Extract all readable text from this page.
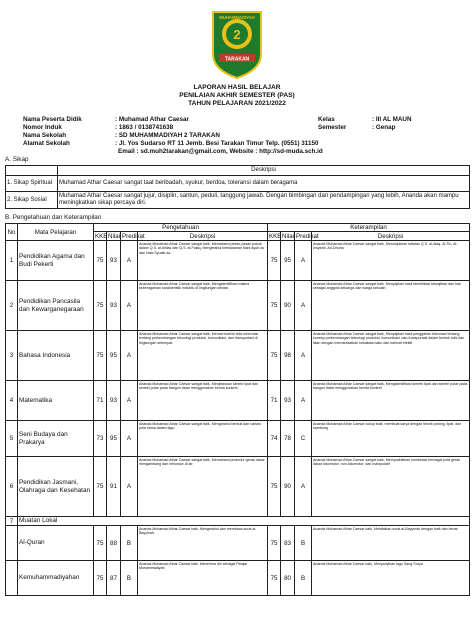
MUHAMMADIYAH
2
TARAKAN
LAPORAN HASIL BELAJAR
PENILAIAN AKHIR SEMESTER (PAS)
TAHUN PELAJARAN 2021/2022
Nama Peserta Didik	: Muhamad Athar Caesar
Nomor Induk	: 1863 / 0138741638
Nama Sekolah	: SD MUHAMMADIYAH 2 TARAKAN
Alamat Sekolah	: Jl. Yos Sudarso RT 11 Jemb. Besi Tarakan Timur Telp. (0551) 31150
Email : sd.muh2tarakan@gmail.com, Website : http://sd-muda.sch.id
Kelas	: III AL MAUN
Semester	: Genap
A. Sikap
	Deskripsi
1. Sikap Spiritual	Muhamad Athar Caesar sangat taat beribadah, syukur, berdoa, toleransi dalam beragama
2. Sikap Sosial	Muhamad Athar Caesar sangat jujur, disiplin, santun, peduli, tanggung jawab. Dengan bimbingan dan pendampingan yang lebih, Ananda akan mampu meningkatkan sikap percaya diri.
B. Pengetahuan dan Keterampilan
No	Mata Pelajaran	Pengetahuan				Keterampilan			
		KKB	Nilai	Predikat	Deskripsi	KKB	Nilai	Predikat	Deskripsi
1	Pendidikan Agama dan Budi Pekerti	75	93	A	Ananda Muhamad Athar Caesar sangat baik, Memahami pesan-pesan pokok dalam Q.S. al-Ikhlas dan Q.S. al-Falaq, Mengetahui keteladanan Nabi Ayub as dan Nabi Syuaib as.	75	95	A	Ananda Muhamad Athar Caesar sangat baik, Menunjukkan hafalan Q.S. al-Alaq, Al-Tin, Al-Insyirah, Ad-Dhuha
2	Pendidikan Pancasila dan Kewarganegaraan	75	93	A	Ananda Muhamad Athar Caesar sangat baik, Mengidentifikasi makna keberagaman karakteristik individu di lingkungan sekitar.	75	90	A	Ananda Muhamad Athar Caesar sangat baik, Menyajikan hasil identifikasi kewajiban dan hak sebagai anggota keluarga dan warga sekolah
3	Bahasa Indonesia	75	95	A	Ananda Muhamad Athar Caesar sangat baik, Mencermati isi teks informasi tentang perkembangan teknologi produksi, komunikasi, dan transportasi di lingkungan setempat.	75	98	A	Ananda Muhamad Athar Caesar sangat baik, Menyajikan hasil penggalian informasi tentang konsep perkembangan teknologi produksi, komunikasi, dan transportasi dalam bentuk tulis dan lisan dengan memanfaatkan kosakata baku dan kalimat efektif
4	Matematika	71	93	A	Ananda Muhamad Athar Caesar sangat baik, Menjelaskan simetri lipat dan simetri putar pada bangun datar menggunakan benda konkret.	71	93	A	Ananda Muhamad Athar Caesar sangat baik, Mengidentifikasi simetri lipat dan simetri putar pada bangun datar menggunakan benda konkret
5	Seni Budaya dan Prakarya	73	95	A	Ananda Muhamad Athar Caesar sangat baik, Mengetahui bentuk dan variasi pola irama dalam lagu.	74	78	C	Ananda Muhamad Athar Caesar cukup baik, membuat karya dengan teknik potong, lipat, dan sambung
6	Pendidikan Jasmani, Olahraga dan Kesehatan	75	91	A	Ananda Muhamad Athar Caesar sangat baik, Memahami prosedur gerak dasar mengambang dan meluncur di air.	75	90	A	Ananda Muhamad Athar Caesar sangat baik, Mempraktikkan kombinasi berbagai pola gerak dasar lokomotor, non-lokomotor, dan manipulatif
7	Muatan Lokal								
	Al-Quran	75	88	B	Ananda Muhamad Athar Caesar baik, Mengetahui dan membaca surat al-Bayyinah.	75	83	B	Ananda Muhamad Athar Caesar baik, Melafalkan surat al-Bayyinah dengan baik dan benar
	Kemuhammadiyahan	75	87	B	Ananda Muhamad Athar Caesar baik, Menerima diri sebagai Pelajar Muhammadiyah	75	80	B	Ananda Muhamad Athar Caesar baik, Menyanyikan lagu Sang Surya
